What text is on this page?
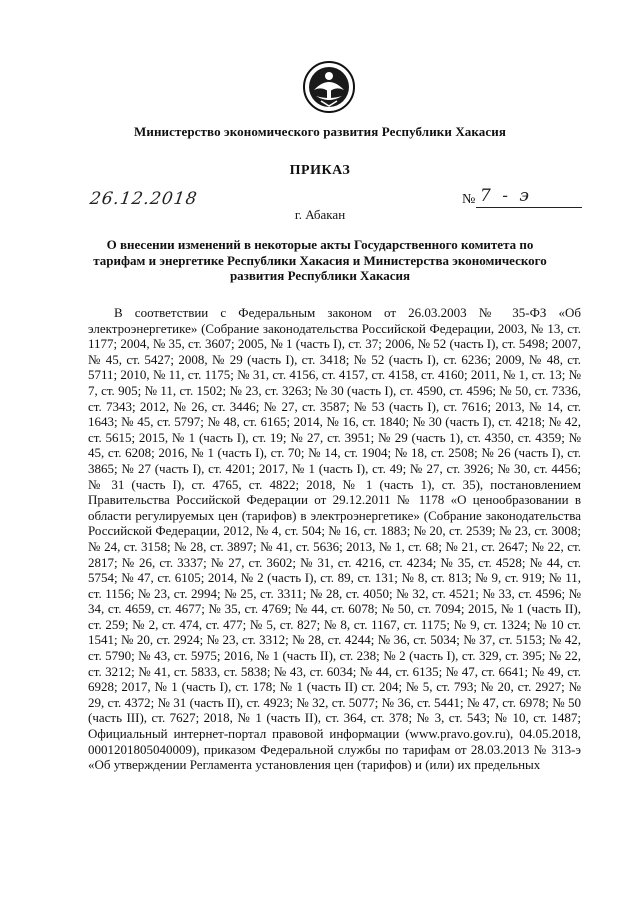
Министерство экономического развития Республики Хакасия
ПРИКАЗ
26.12.2018	№ 7 - э
г. Абакан
О внесении изменений в некоторые акты Государственного комитета по тарифам и энергетике Республики Хакасия и Министерства экономического развития Республики Хакасия
В соответствии с Федеральным законом от 26.03.2003 № 35-ФЗ «Об электроэнергетике» (Собрание законодательства Российской Федерации, 2003, № 13, ст. 1177; 2004, № 35, ст. 3607; 2005, № 1 (часть I), ст. 37; 2006, № 52 (часть I), ст. 5498; 2007, № 45, ст. 5427; 2008, № 29 (часть I), ст. 3418; № 52 (часть I), ст. 6236; 2009, № 48, ст. 5711; 2010, № 11, ст. 1175; № 31, ст. 4156, ст. 4157, ст. 4158, ст. 4160; 2011, № 1, ст. 13; № 7, ст. 905; № 11, ст. 1502; № 23, ст. 3263; № 30 (часть I), ст. 4590, ст. 4596; № 50, ст. 7336, ст. 7343; 2012, № 26, ст. 3446; № 27, ст. 3587; № 53 (часть I), ст. 7616; 2013, № 14, ст. 1643; № 45, ст. 5797; № 48, ст. 6165; 2014, № 16, ст. 1840; № 30 (часть I), ст. 4218; № 42, ст. 5615; 2015, № 1 (часть I), ст. 19; № 27, ст. 3951; № 29 (часть 1), ст. 4350, ст. 4359; № 45, ст. 6208; 2016, № 1 (часть I), ст. 70; № 14, ст. 1904; № 18, ст. 2508; № 26 (часть I), ст. 3865; № 27 (часть I), ст. 4201; 2017, № 1 (часть I), ст. 49; № 27, ст. 3926; № 30, ст. 4456; № 31 (часть I), ст. 4765, ст. 4822; 2018, № 1 (часть 1), ст. 35), постановлением Правительства Российской Федерации от 29.12.2011 № 1178 «О ценообразовании в области регулируемых цен (тарифов) в электроэнергетике» (Собрание законодательства Российской Федерации, 2012, № 4, ст. 504; № 16, ст. 1883; № 20, ст. 2539; № 23, ст. 3008; № 24, ст. 3158; № 28, ст. 3897; № 41, ст. 5636; 2013, № 1, ст. 68; № 21, ст. 2647; № 22, ст. 2817; № 26, ст. 3337; № 27, ст. 3602; № 31, ст. 4216, ст. 4234; № 35, ст. 4528; № 44, ст. 5754; № 47, ст. 6105; 2014, № 2 (часть I), ст. 89, ст. 131; № 8, ст. 813; № 9, ст. 919; № 11, ст. 1156; № 23, ст. 2994; № 25, ст. 3311; № 28, ст. 4050; № 32, ст. 4521; № 33, ст. 4596; № 34, ст. 4659, ст. 4677; № 35, ст. 4769; № 44, ст. 6078; № 50, ст. 7094; 2015, № 1 (часть II), ст. 259; № 2, ст. 474, ст. 477; № 5, ст. 827; № 8, ст. 1167, ст. 1175; № 9, ст. 1324; № 10 ст. 1541; № 20, ст. 2924; № 23, ст. 3312; № 28, ст. 4244; № 36, ст. 5034; № 37, ст. 5153; № 42, ст. 5790; № 43, ст. 5975; 2016, № 1 (часть II), ст. 238; № 2 (часть I), ст. 329, ст. 395; № 22, ст. 3212; № 41, ст. 5833, ст. 5838; № 43, ст. 6034; № 44, ст. 6135; № 47, ст. 6641; № 49, ст. 6928; 2017, № 1 (часть I), ст. 178; № 1 (часть II) ст. 204; № 5, ст. 793; № 20, ст. 2927; № 29, ст. 4372; № 31 (часть II), ст. 4923; № 32, ст. 5077; № 36, ст. 5441; № 47, ст. 6978; № 50 (часть III), ст. 7627; 2018, № 1 (часть II), ст. 364, ст. 378; № 3, ст. 543; № 10, ст. 1487; Официальный интернет-портал правовой информации (www.pravo.gov.ru), 04.05.2018, 0001201805040009), приказом Федеральной службы по тарифам от 28.03.2013 № 313-э «Об утверждении Регламента установления цен (тарифов) и (или) их предельных
